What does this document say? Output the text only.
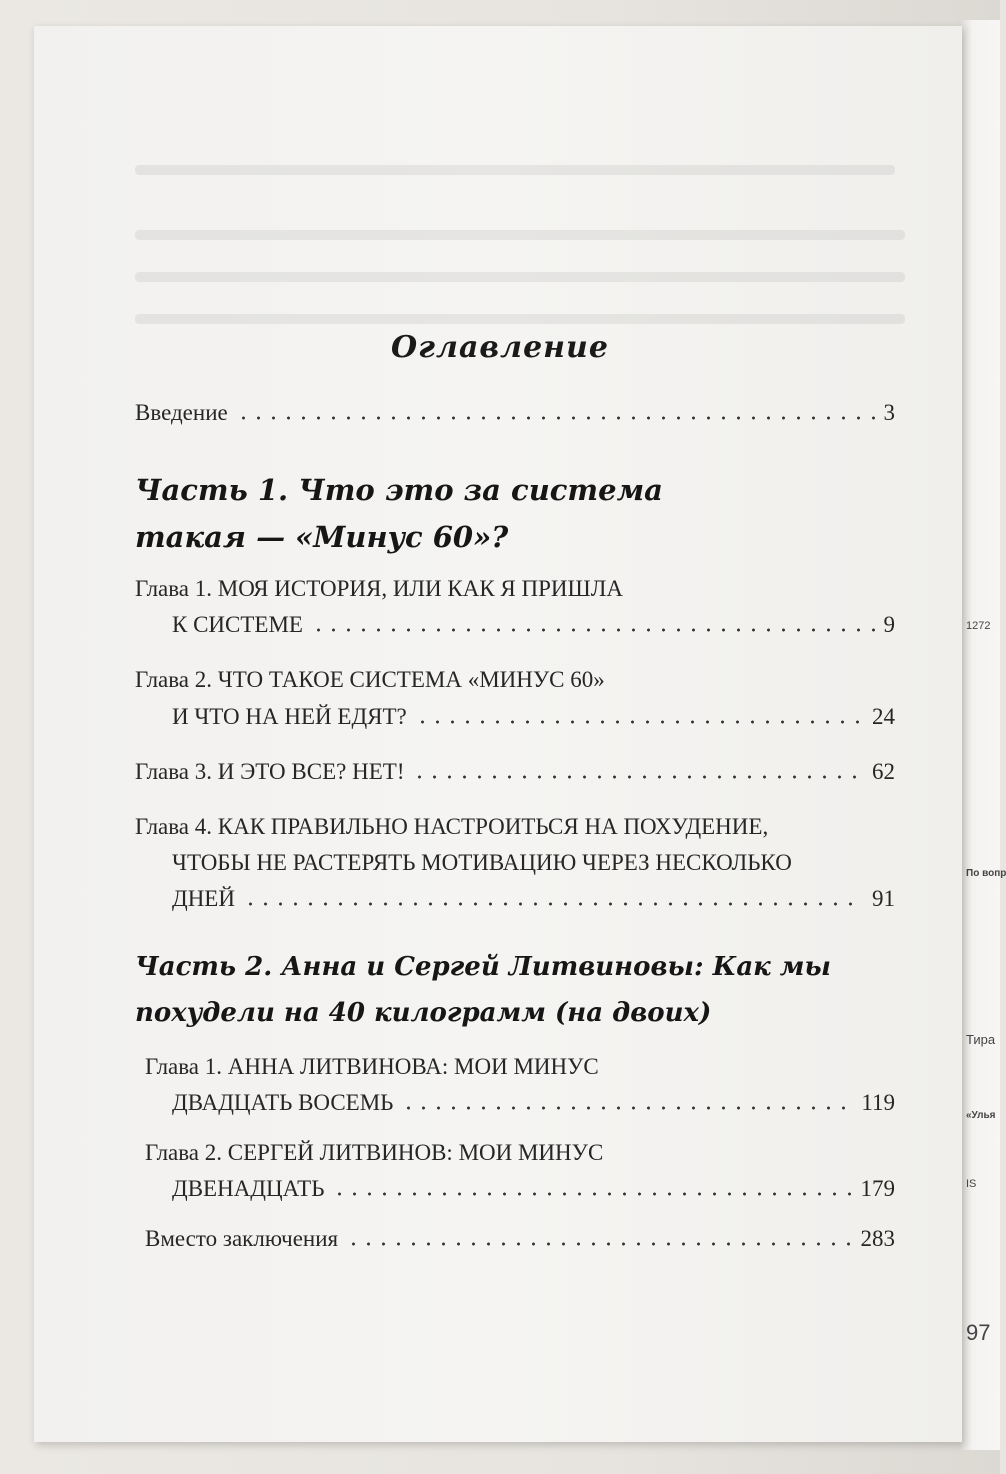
1272
По вопр
Тира
«Улья
IS
97
Оглавление
Введение	3
Часть 1. Что это за система
такая — «Минус 60»?
Глава 1. МОЯ ИСТОРИЯ, ИЛИ КАК Я ПРИШЛА
К СИСТЕМЕ	9
Глава 2. ЧТО ТАКОЕ СИСТЕМА «МИНУС 60»
И ЧТО НА НЕЙ ЕДЯТ?	24
Глава 3. И ЭТО ВСЕ? НЕТ!	62
Глава 4. КАК ПРАВИЛЬНО НАСТРОИТЬСЯ НА ПОХУДЕНИЕ,
ЧТОБЫ НЕ РАСТЕРЯТЬ МОТИВАЦИЮ ЧЕРЕЗ НЕСКОЛЬКО
ДНЕЙ	91
Часть 2. Анна и Сергей Литвиновы: Как мы
похудели на 40 килограмм (на двоих)
Глава 1. АННА ЛИТВИНОВА: МОИ МИНУС
ДВАДЦАТЬ ВОСЕМЬ	119
Глава 2. СЕРГЕЙ ЛИТВИНОВ: МОИ МИНУС
ДВЕНАДЦАТЬ	179
Вместо заключения	283
